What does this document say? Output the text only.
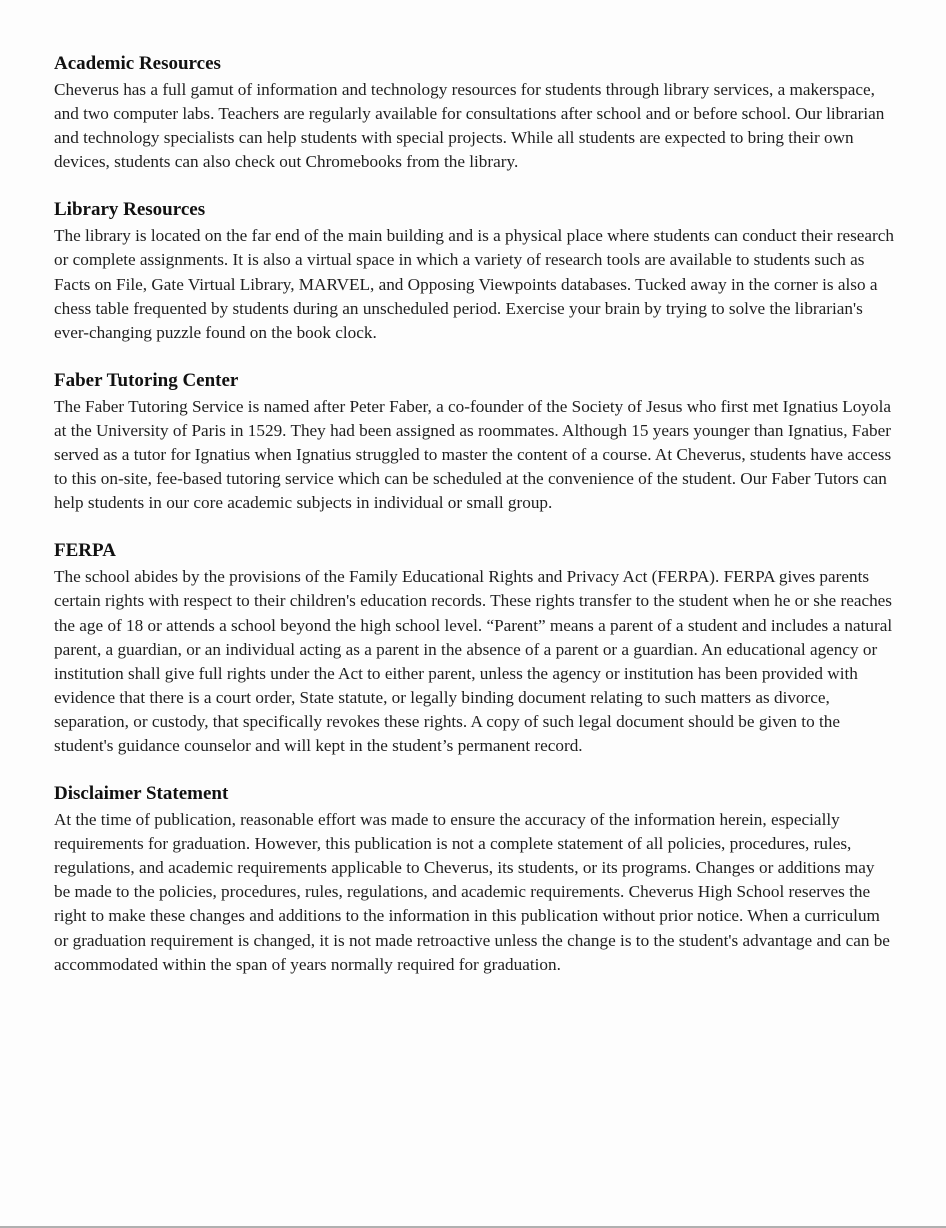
Academic Resources

Cheverus has a full gamut of information and technology resources for students through library services, a makerspace, and two computer labs. Teachers are regularly available for consultations after school and or before school. Our librarian and technology specialists can help students with special projects. While all students are expected to bring their own devices, students can also check out Chromebooks from the library.

Library Resources

The library is located on the far end of the main building and is a physical place where students can conduct their research or complete assignments. It is also a virtual space in which a variety of research tools are available to students such as Facts on File, Gate Virtual Library, MARVEL, and Opposing Viewpoints databases. Tucked away in the corner is also a chess table frequented by students during an unscheduled period. Exercise your brain by trying to solve the librarian's ever-changing puzzle found on the book clock.

Faber Tutoring Center

The Faber Tutoring Service is named after Peter Faber, a co-founder of the Society of Jesus who first met Ignatius Loyola at the University of Paris in 1529. They had been assigned as roommates. Although 15 years younger than Ignatius, Faber served as a tutor for Ignatius when Ignatius struggled to master the content of a course. At Cheverus, students have access to this on-site, fee-based tutoring service which can be scheduled at the convenience of the student. Our Faber Tutors can help students in our core academic subjects in individual or small group.

FERPA

The school abides by the provisions of the Family Educational Rights and Privacy Act (FERPA). FERPA gives parents certain rights with respect to their children's education records. These rights transfer to the student when he or she reaches the age of 18 or attends a school beyond the high school level. “Parent” means a parent of a student and includes a natural parent, a guardian, or an individual acting as a parent in the absence of a parent or a guardian. An educational agency or institution shall give full rights under the Act to either parent, unless the agency or institution has been provided with evidence that there is a court order, State statute, or legally binding document relating to such matters as divorce, separation, or custody, that specifically revokes these rights. A copy of such legal document should be given to the student's guidance counselor and will kept in the student’s permanent record.

Disclaimer Statement

At the time of publication, reasonable effort was made to ensure the accuracy of the information herein, especially requirements for graduation. However, this publication is not a complete statement of all policies, procedures, rules, regulations, and academic requirements applicable to Cheverus, its students, or its programs. Changes or additions may be made to the policies, procedures, rules, regulations, and academic requirements. Cheverus High School reserves the right to make these changes and additions to the information in this publication without prior notice. When a curriculum or graduation requirement is changed, it is not made retroactive unless the change is to the student's advantage and can be accommodated within the span of years normally required for graduation.
